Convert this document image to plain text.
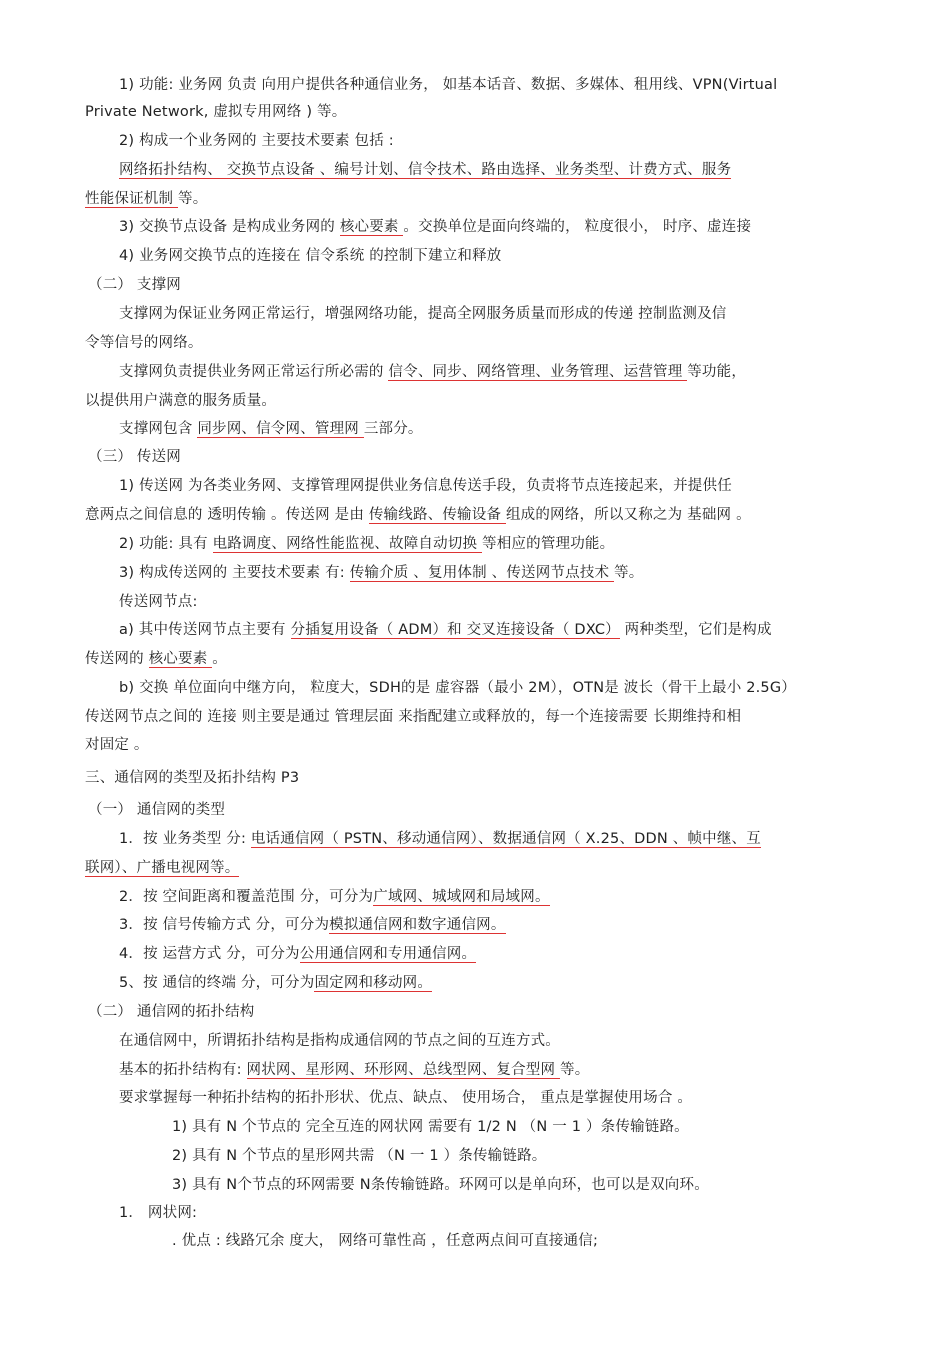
1) 功能: 业务网 负责 向用户提供各种通信业务， 如基本话音、数据、多媒体、租用线、VPN(Virtual
Private Network, 虚拟专用网络 ) 等。
2) 构成一个业务网的 主要技术要素 包括 :
网络拓扑结构、 交换节点设备 、编号计划、信令技术、路由选择、业务类型、计费方式、服务
性能保证机制 等。
3) 交换节点设备 是构成业务网的 核心要素 。交换单位是面向终端的， 粒度很小， 时序、虚连接
4) 业务网交换节点的连接在 信令系统 的控制下建立和释放
（二） 支撑网
支撑网为保证业务网正常运行，增强网络功能，提高全网服务质量而形成的传递 控制监测及信
令等信号的网络。
支撑网负责提供业务网正常运行所必需的 信令、同步、网络管理、业务管理、运营管理 等功能，
以提供用户满意的服务质量。
支撑网包含 同步网、信令网、管理网 三部分。
（三） 传送网
1) 传送网 为各类业务网、支撑管理网提供业务信息传送手段，负责将节点连接起来，并提供任
意两点之间信息的 透明传输 。传送网 是由 传输线路、传输设备 组成的网络，所以又称之为 基础网 。
2) 功能: 具有 电路调度、网络性能监视、故障自动切换 等相应的管理功能。
3) 构成传送网的 主要技术要素 有: 传输介质 、复用体制 、传送网节点技术 等。
传送网节点:
a) 其中传送网节点主要有 分插复用设备（ ADM）和 交叉连接设备（ DXC） 两种类型，它们是构成
传送网的 核心要素 。
b) 交换 单位面向中继方向， 粒度大，SDH的是 虚容器（最小 2M），OTN是 波长（骨干上最小 2.5G）
传送网节点之间的 连接 则主要是通过 管理层面 来指配建立或释放的，每一个连接需要 长期维持和相
对固定 。
三、通信网的类型及拓扑结构 P3
（一） 通信网的类型
1．按 业务类型 分: 电话通信网（ PSTN、移动通信网）、数据通信网（ X.25、DDN 、帧中继、互
联网）、广播电视网等。
2．按 空间距离和覆盖范围 分，可分为广域网、城域网和局域网。
3．按 信号传输方式 分，可分为模拟通信网和数字通信网。
4．按 运营方式 分，可分为公用通信网和专用通信网。
5、按 通信的终端 分，可分为固定网和移动网。
（二） 通信网的拓扑结构
在通信网中，所谓拓扑结构是指构成通信网的节点之间的互连方式。
基本的拓扑结构有: 网状网、星形网、环形网、总线型网、复合型网 等。
要求掌握每一种拓扑结构的拓扑形状、优点、缺点、 使用场合， 重点是掌握使用场合 。
1) 具有 N 个节点的 完全互连的网状网 需要有 1/2 N （N 一 1 ）条传输链路。
2) 具有 N 个节点的星形网共需 （N 一 1 ）条传输链路。
3) 具有 N个节点的环网需要 N条传输链路。环网可以是单向环，也可以是双向环。
1． 网状网:
. 优点 : 线路冗余 度大， 网络可靠性高 ，任意两点间可直接通信;
